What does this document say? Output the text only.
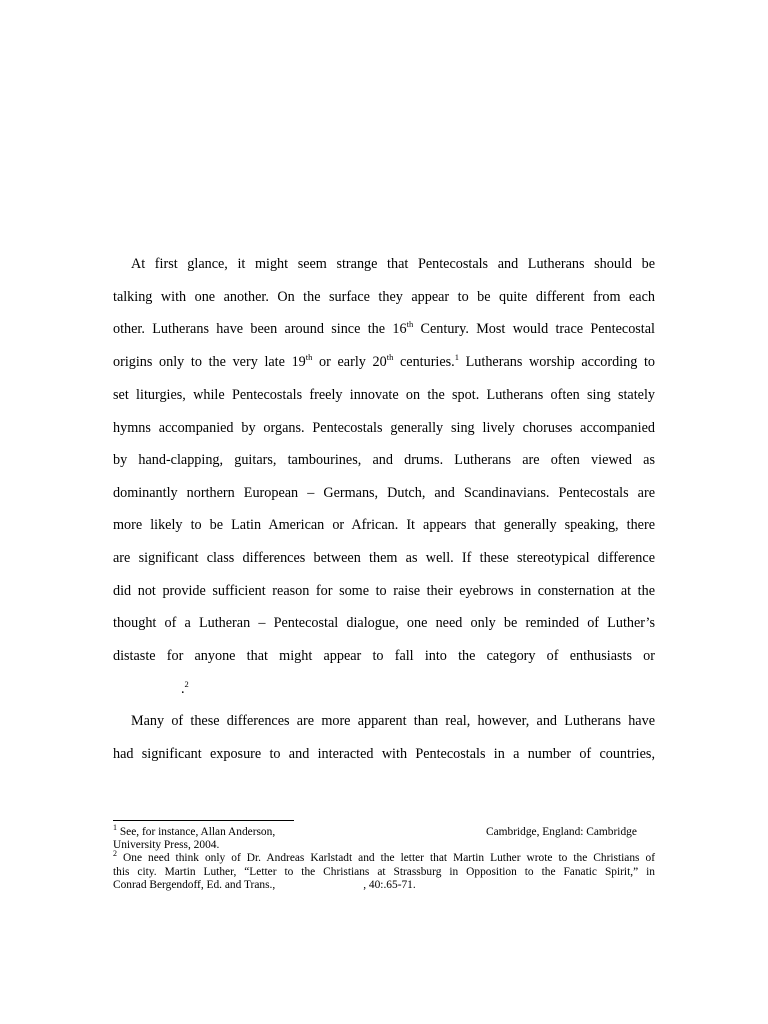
At first glance, it might seem strange that Pentecostals and Lutherans should be
talking with one another. On the surface they appear to be quite different from each
other. Lutherans have been around since the 16th Century. Most would trace Pentecostal
origins only to the very late 19th or early 20th centuries.$^1$ Lutherans worship according to
set liturgies, while Pentecostals freely innovate on the spot. Lutherans often sing stately
hymns accompanied by organs. Pentecostals generally sing lively choruses accompanied
by hand-clapping, guitars, tambourines, and drums. Lutherans are often viewed as
dominantly northern European – Germans, Dutch, and Scandinavians. Pentecostals are
more likely to be Latin American or African. It appears that generally speaking, there
are significant class differences between them as well. If these stereotypical difference
did not provide sufficient reason for some to raise their eyebrows in consternation at the
thought of a Lutheran – Pentecostal dialogue, one need only be reminded of Luther’s
distaste for anyone that might appear to fall into the category of enthusiasts or
.$^2$
Many of these differences are more apparent than real, however, and Lutherans have
had significant exposure to and interacted with Pentecostals in a number of countries,
$^1$ See, for instance, Allan Anderson,	Cambridge, England: Cambridge
University Press, 2004.
$^2$ One need think only of Dr. Andreas Karlstadt and the letter that Martin Luther wrote to the Christians of
this city. Martin Luther, “Letter to the Christians at Strassburg in Opposition to the Fanatic Spirit,” in
Conrad Bergendoff, Ed. and Trans.,	, 40:.65-71.
